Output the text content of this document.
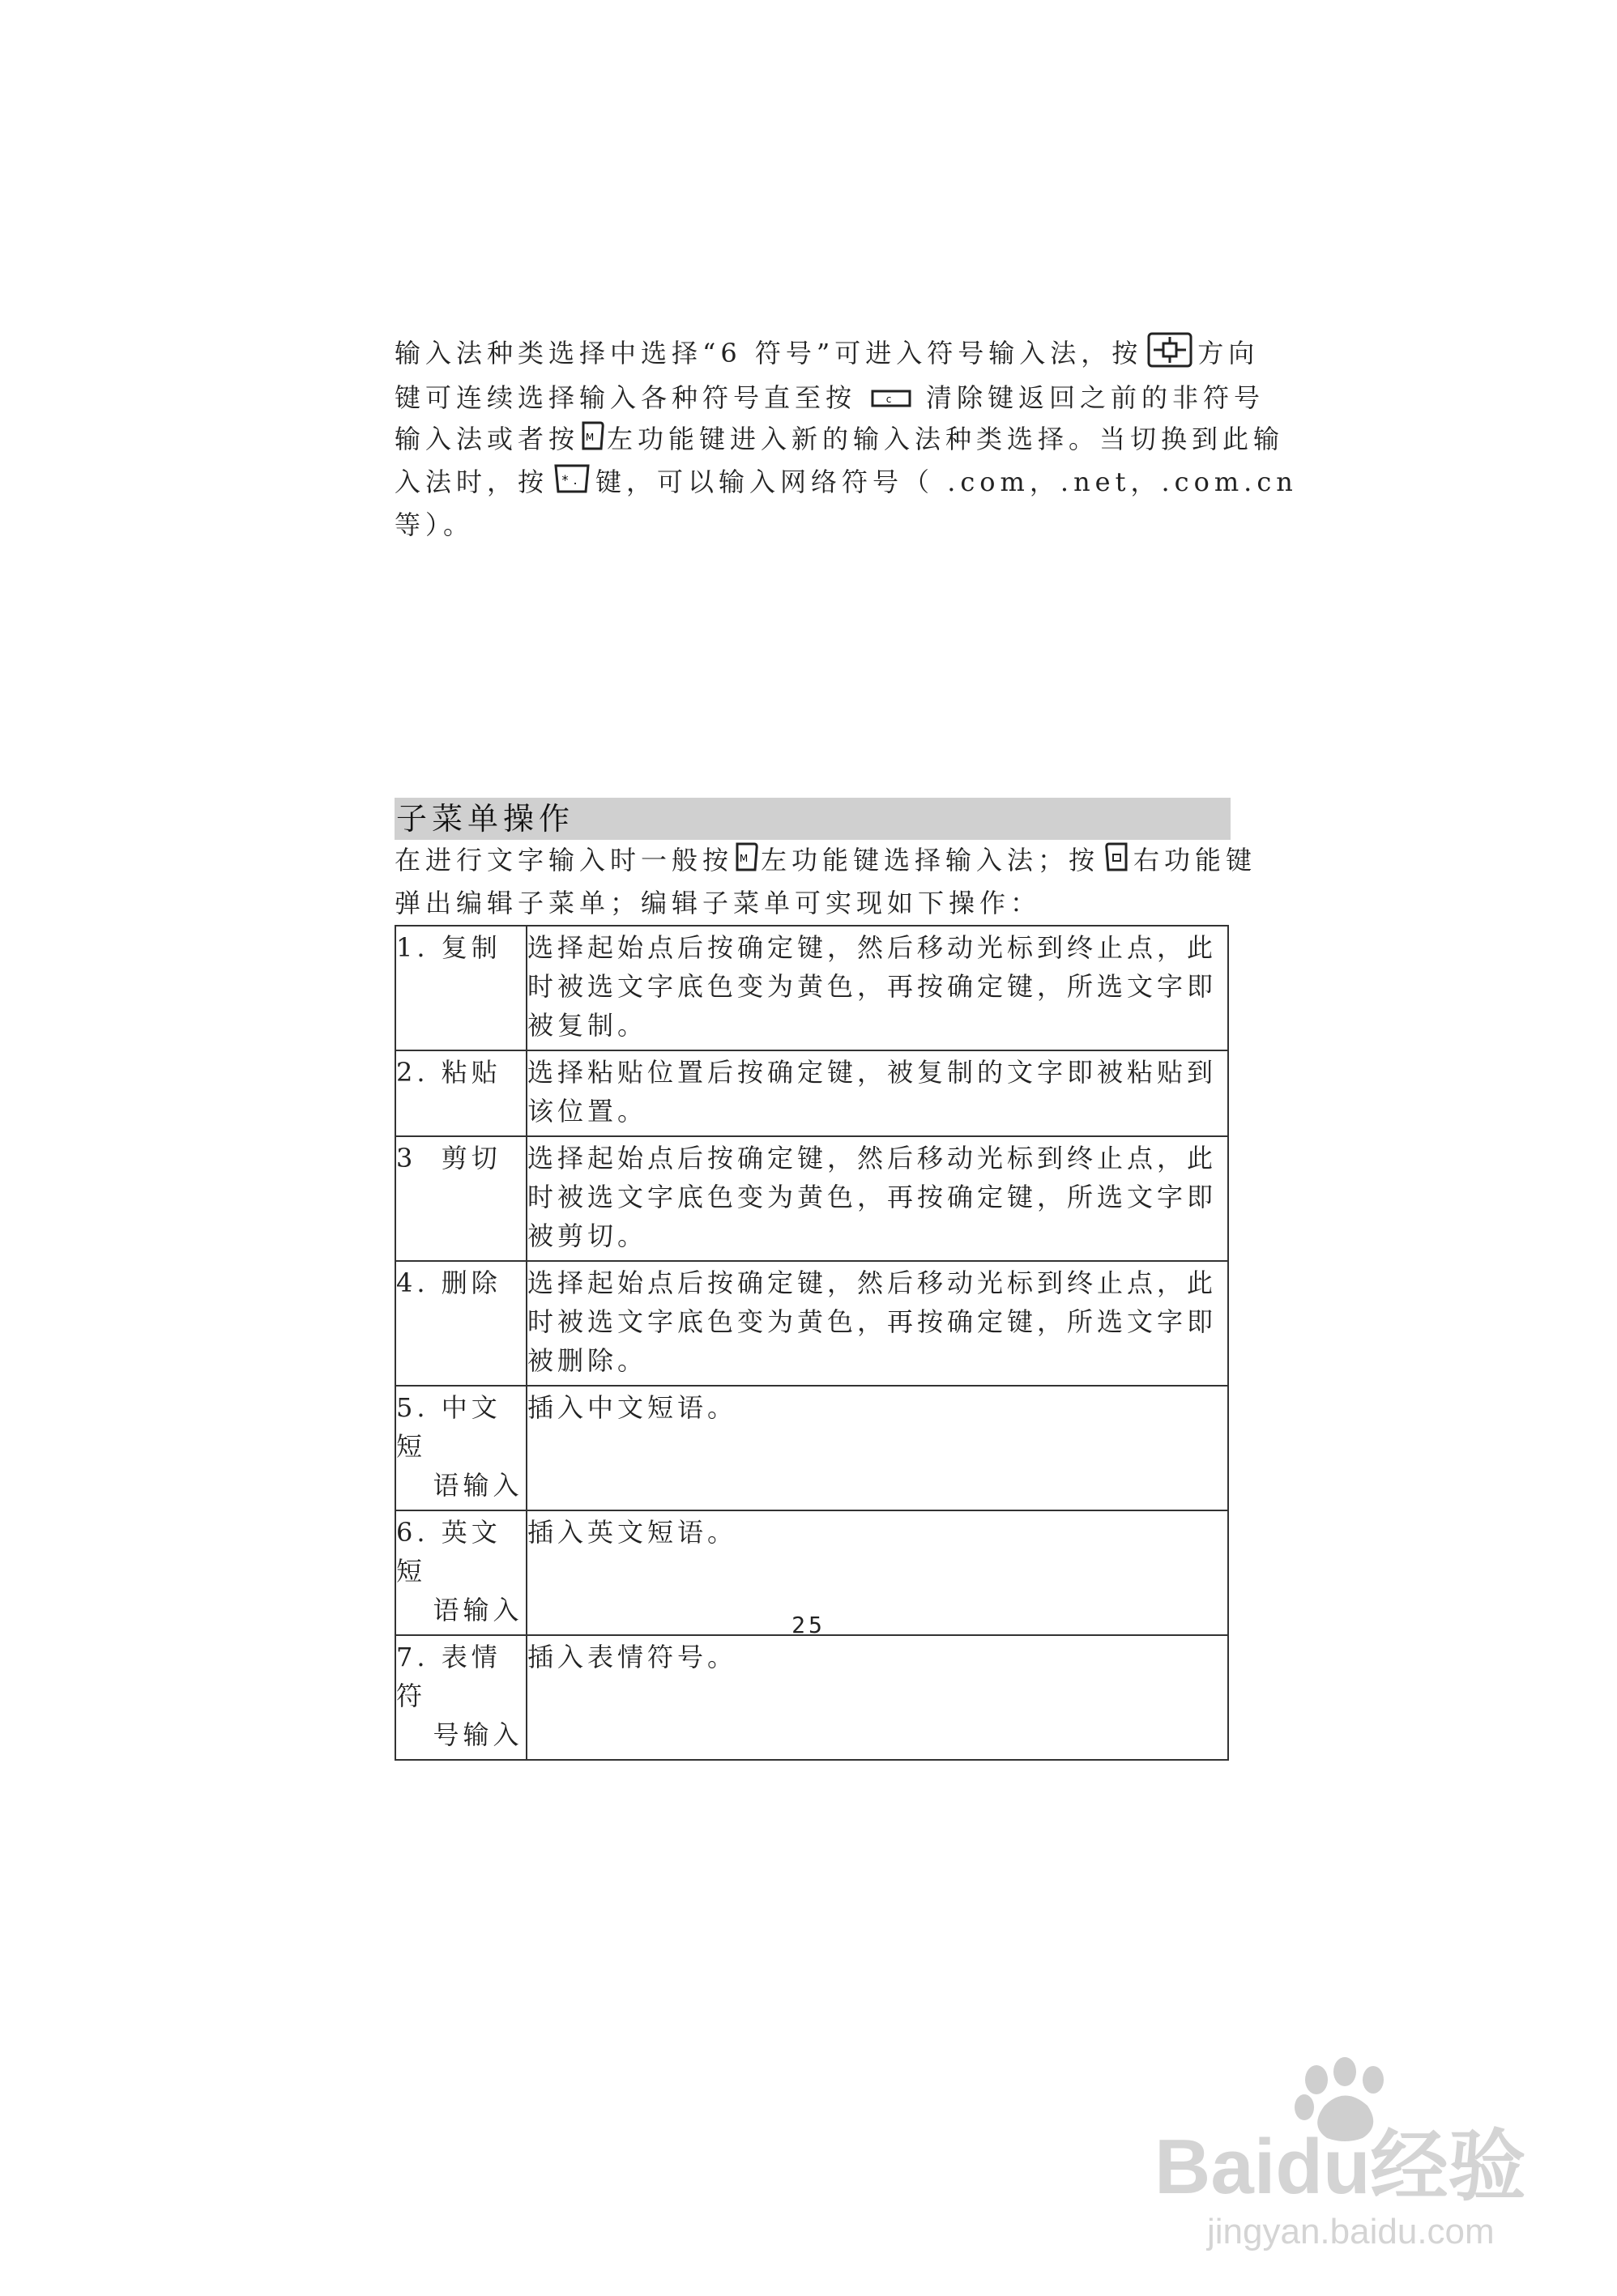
输入法种类选择中选择“6 符号”可进入符号输入法，按 方向

键可连续选择输入各种符号直至按	c 清除键返回之前的非符号

输入法或者按 M 左功能键进入新的输入法种类选择。当切换到此输

入法时，按 *. 键，可以输入网络符号（ .com，.net，.com.cn

等）。

子菜单操作

在进行文字输入时一般按 M 左功能键选择输入法；按 右功能键

弹出编辑子菜单；编辑子菜单可实现如下操作：

1. 复制	选择起始点后按确定键，然后移动光标到终止点，此
时被选文字底色变为黄色，再按确定键，所选文字即
被复制。

2. 粘贴	选择粘贴位置后按确定键，被复制的文字即被粘贴到
该位置。

3  剪切	选择起始点后按确定键，然后移动光标到终止点，此
时被选文字底色变为黄色，再按确定键，所选文字即
被剪切。

4. 删除	选择起始点后按确定键，然后移动光标到终止点，此
时被选文字底色变为黄色，再按确定键，所选文字即
被删除。

5. 中文短
语输入	插入中文短语。

6. 英文短
语输入	插入英文短语。

7. 表情符
号输入	插入表情符号。
25
Baidu经验
jingyan.baidu.com
